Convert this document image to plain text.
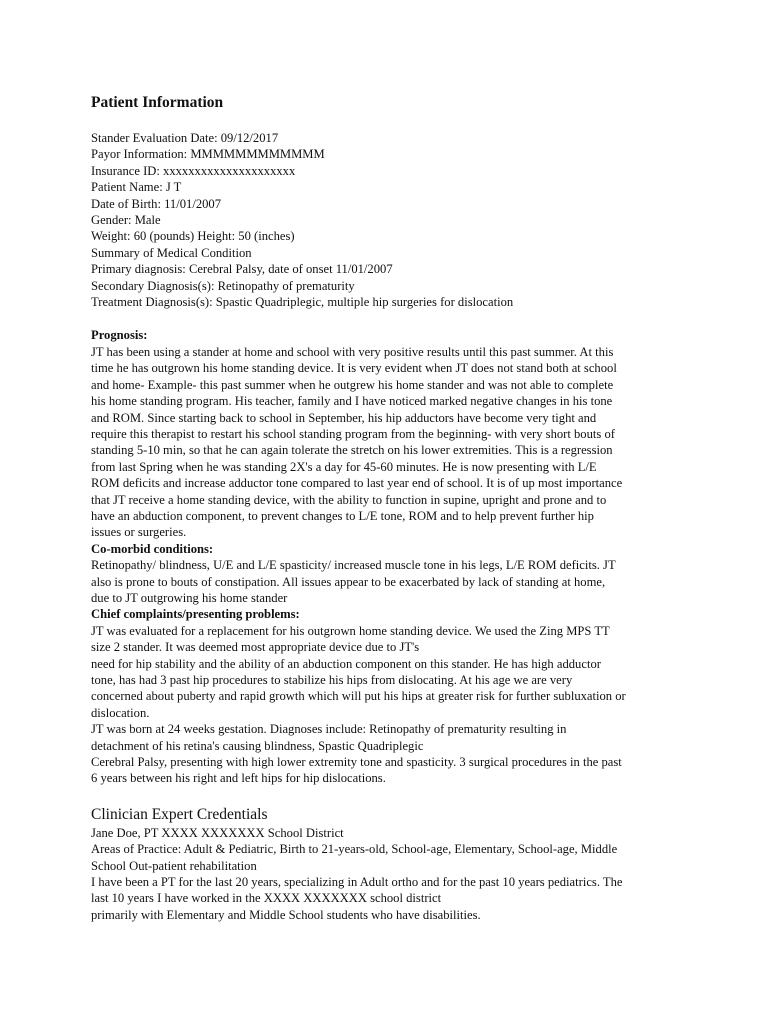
Patient Information
Stander Evaluation Date: 09/12/2017
Payor Information: MMMMMMMMMMMM
Insurance ID: xxxxxxxxxxxxxxxxxxxxx
Patient Name: J T
Date of Birth: 11/01/2007
Gender: Male
Weight: 60 (pounds) Height: 50 (inches)
Summary of Medical Condition
Primary diagnosis: Cerebral Palsy, date of onset 11/01/2007
Secondary Diagnosis(s): Retinopathy of prematurity
Treatment Diagnosis(s): Spastic Quadriplegic, multiple hip surgeries for dislocation
Prognosis:
JT has been using a stander at home and school with very positive results until this past summer. At this
time he has outgrown his home standing device. It is very evident when JT does not stand both at school
and home- Example- this past summer when he outgrew his home stander and was not able to complete
his home standing program. His teacher, family and I have noticed marked negative changes in his tone
and ROM. Since starting back to school in September, his hip adductors have become very tight and
require this therapist to restart his school standing program from the beginning- with very short bouts of
standing 5-10 min, so that he can again tolerate the stretch on his lower extremities. This is a regression
from last Spring when he was standing 2X's a day for 45-60 minutes. He is now presenting with L/E
ROM deficits and increase adductor tone compared to last year end of school. It is of up most importance
that JT receive a home standing device, with the ability to function in supine, upright and prone and to
have an abduction component, to prevent changes to L/E tone, ROM and to help prevent further hip
issues or surgeries.
Co-morbid conditions:
Retinopathy/ blindness, U/E and L/E spasticity/ increased muscle tone in his legs, L/E ROM deficits. JT
also is prone to bouts of constipation. All issues appear to be exacerbated by lack of standing at home,
due to JT outgrowing his home stander
Chief complaints/presenting problems:
JT was evaluated for a replacement for his outgrown home standing device. We used the Zing MPS TT
size 2 stander. It was deemed most appropriate device due to JT's
need for hip stability and the ability of an abduction component on this stander. He has high adductor
tone, has had 3 past hip procedures to stabilize his hips from dislocating. At his age we are very
concerned about puberty and rapid growth which will put his hips at greater risk for further subluxation or
dislocation.
JT was born at 24 weeks gestation. Diagnoses include: Retinopathy of prematurity resulting in
detachment of his retina's causing blindness, Spastic Quadriplegic
Cerebral Palsy, presenting with high lower extremity tone and spasticity. 3 surgical procedures in the past
6 years between his right and left hips for hip dislocations.
Clinician Expert Credentials
Jane Doe, PT XXXX XXXXXXX School District
Areas of Practice: Adult & Pediatric, Birth to 21-years-old, School-age, Elementary, School-age, Middle
School Out-patient rehabilitation
I have been a PT for the last 20 years, specializing in Adult ortho and for the past 10 years pediatrics. The
last 10 years I have worked in the XXXX XXXXXXX school district
primarily with Elementary and Middle School students who have disabilities.
